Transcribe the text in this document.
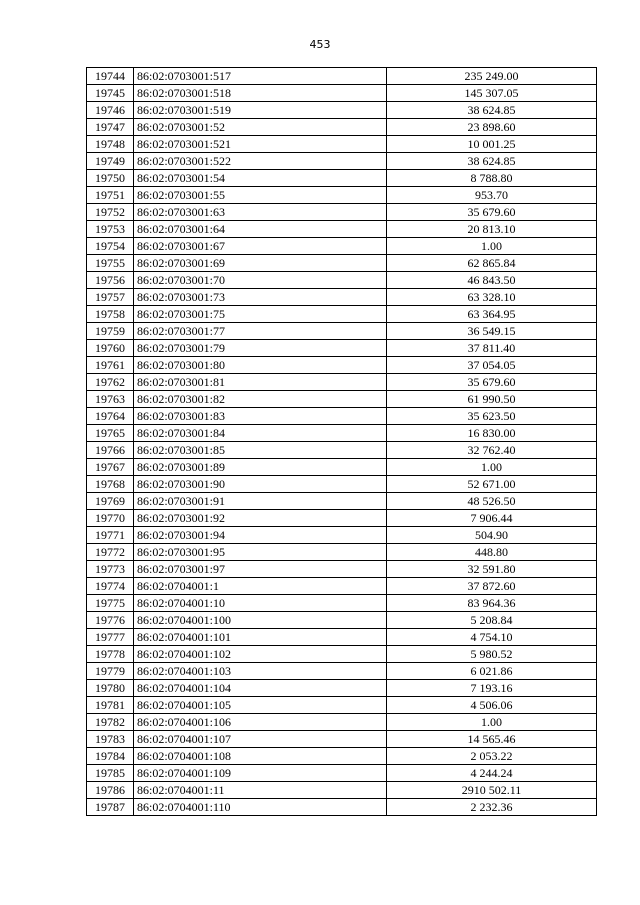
453
19744	86:02:0703001:517	235 249.00
19745	86:02:0703001:518	145 307.05
19746	86:02:0703001:519	38 624.85
19747	86:02:0703001:52	23 898.60
19748	86:02:0703001:521	10 001.25
19749	86:02:0703001:522	38 624.85
19750	86:02:0703001:54	8 788.80
19751	86:02:0703001:55	953.70
19752	86:02:0703001:63	35 679.60
19753	86:02:0703001:64	20 813.10
19754	86:02:0703001:67	1.00
19755	86:02:0703001:69	62 865.84
19756	86:02:0703001:70	46 843.50
19757	86:02:0703001:73	63 328.10
19758	86:02:0703001:75	63 364.95
19759	86:02:0703001:77	36 549.15
19760	86:02:0703001:79	37 811.40
19761	86:02:0703001:80	37 054.05
19762	86:02:0703001:81	35 679.60
19763	86:02:0703001:82	61 990.50
19764	86:02:0703001:83	35 623.50
19765	86:02:0703001:84	16 830.00
19766	86:02:0703001:85	32 762.40
19767	86:02:0703001:89	1.00
19768	86:02:0703001:90	52 671.00
19769	86:02:0703001:91	48 526.50
19770	86:02:0703001:92	7 906.44
19771	86:02:0703001:94	504.90
19772	86:02:0703001:95	448.80
19773	86:02:0703001:97	32 591.80
19774	86:02:0704001:1	37 872.60
19775	86:02:0704001:10	83 964.36
19776	86:02:0704001:100	5 208.84
19777	86:02:0704001:101	4 754.10
19778	86:02:0704001:102	5 980.52
19779	86:02:0704001:103	6 021.86
19780	86:02:0704001:104	7 193.16
19781	86:02:0704001:105	4 506.06
19782	86:02:0704001:106	1.00
19783	86:02:0704001:107	14 565.46
19784	86:02:0704001:108	2 053.22
19785	86:02:0704001:109	4 244.24
19786	86:02:0704001:11	2910 502.11
19787	86:02:0704001:110	2 232.36
